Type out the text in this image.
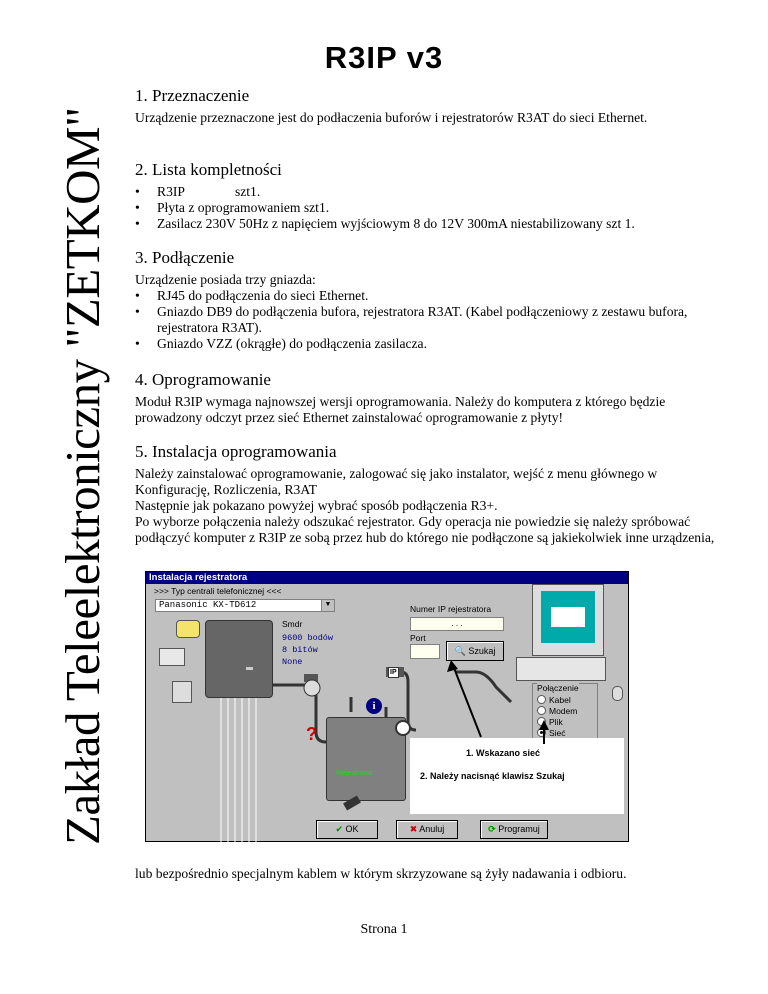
Zakład Teleelektroniczny "ZETKOM"
R3IP v3
1. Przeznaczenie

Urządzenie przeznaczone jest do podłaczenia buforów i rejestratorów R3AT do sieci Ethernet.

2. Lista kompletności
• R3IP	szt1.
• Płyta z oprogramowaniem szt1.
• Zasilacz 230V 50Hz z napięciem wyjściowym 8 do 12V 300mA niestabilizowany szt 1.
3. Podłączenie

Urządzenie posiada trzy gniazda:

• RJ45 do podłączenia do sieci Ethernet.
• Gniazdo DB9 do podłączenia bufora, rejestratora R3AT. (Kabel podłączeniowy z zestawu bufora, rejestratora R3AT).
• Gniazdo VZZ (okrągłe) do podłączenia zasilacza.
4. Oprogramowanie

Moduł R3IP wymaga najnowszej wersji oprogramowania. Należy do komputera z którego będzie prowadzony odczyt przez sieć Ethernet zainstalować oprogramowanie z płyty!

5. Instalacja oprogramowania

Należy zainstalować oprogramowanie, zalogować się jako instalator, wejść z menu głównego w Konfigurację, Rozliczenia, R3AT

Następnie jak pokazano powyżej wybrać sposób podłączenia R3+.

Po wyborze połączenia należy odszukać rejestrator. Gdy operacja nie powiedzie się należy spróbować podłączyć komputer z R3IP ze sobą przez hub do którego nie podłączone są jakiekolwiek inne urządzenia,

Instalacja rejestratora
>>> Typ centrali telefonicznej <<<
Panasonic KX-TD612	▼
Smdr
9600 bodów
8 bitów
None
Numer IP rejestratora
. . .
Port
🔍 Szukaj
IP
i
?
Rejestrator
Połączenie
Kabel
Modem
Plik
Sieć
1. Wskazano sieć
2. Należy nacisnąć klawisz Szukaj
✔ OK	✖ Anuluj	⟳ Programuj
lub bezpośrednio specjalnym kablem w którym skrzyzowane są żyły nadawania i odbioru.
Strona 1
